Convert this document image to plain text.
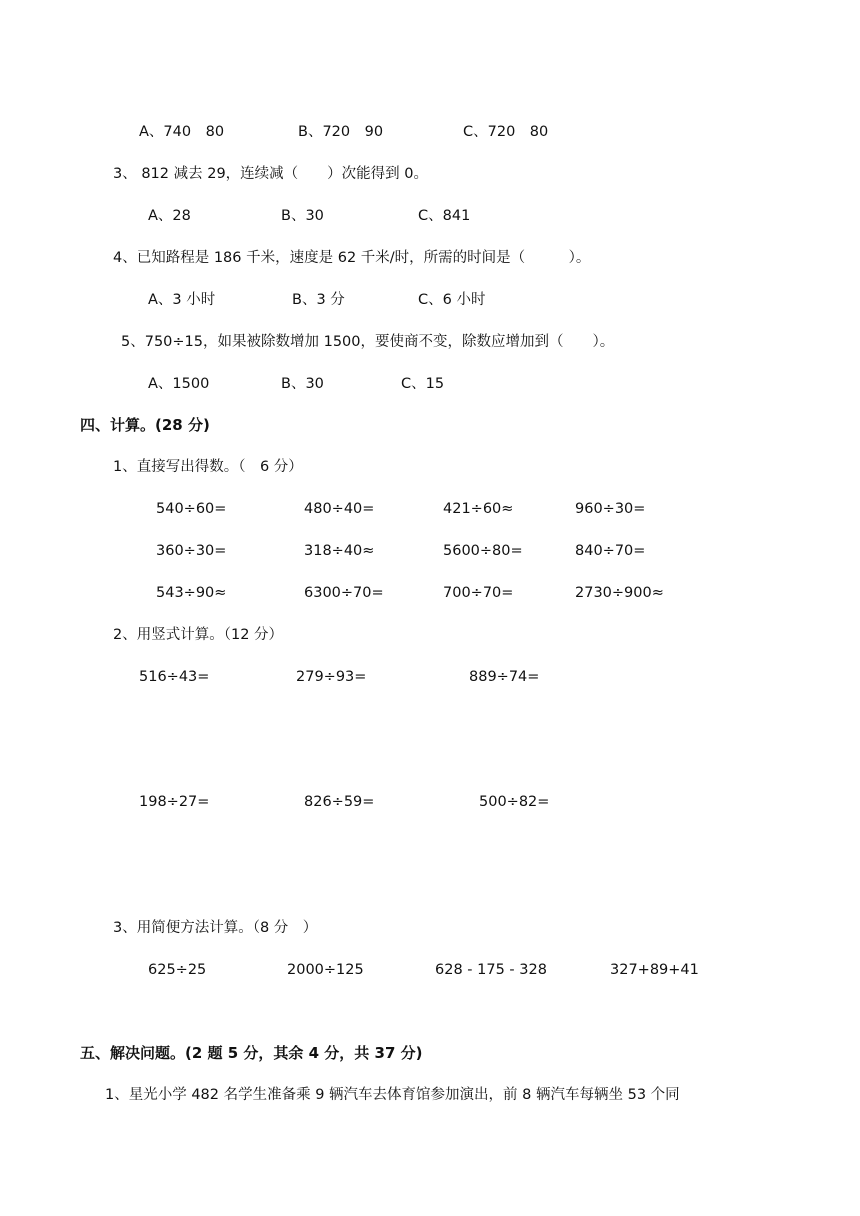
A、740　80	B、720　90	C、720　80
3、 812 减去 29，连续减（　　）次能得到 0。
A、28	B、30	C、841
4、已知路程是 186 千米，速度是 62 千米/时，所需的时间是（　　　）。
A、3 小时	B、3 分	C、6 小时
5、750÷15，如果被除数增加 1500，要使商不变，除数应增加到（　　）。
A、1500	B、30	C、15
四、计算。(28 分)
1、直接写出得数。（　6 分）
540÷60=	480÷40=	421÷60≈	960÷30=
360÷30=	318÷40≈	5600÷80=	840÷70=
543÷90≈	6300÷70=	700÷70=	2730÷900≈
2、用竖式计算。（12 分）
516÷43=	279÷93=	889÷74=
198÷27=	826÷59=	500÷82=
3、用简便方法计算。（8 分　）
625÷25	2000÷125	628 - 175 - 328	327+89+41
五、解决问题。(2 题 5 分，其余 4 分，共 37 分)
1、星光小学 482 名学生准备乘 9 辆汽车去体育馆参加演出，前 8 辆汽车每辆坐 53 个同
